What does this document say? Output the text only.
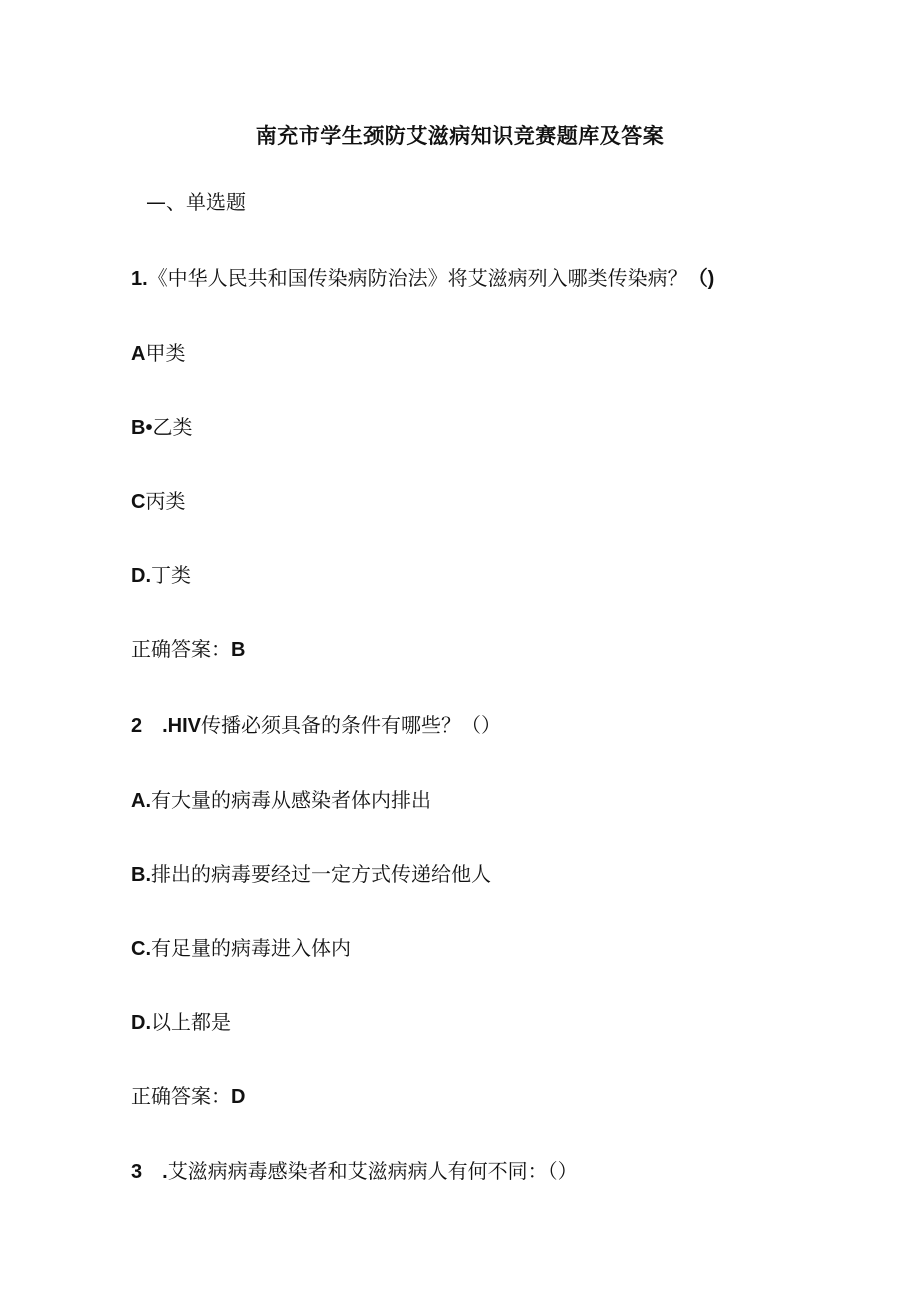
南充市学生颈防艾滋病知识竞赛题库及答案
—、单选题
1.《中华人民共和国传染病防治法》将艾滋病列入哪类传染病？（)
A甲类
B•乙类
C丙类
D.丁类
正确答案：B
2　.HIV传播必须具备的条件有哪些？（）
A.有大量的病毒从感染者体内排出
B.排出的病毒要经过一定方式传递给他人
C.有足量的病毒进入体内
D.以上都是
正确答案：D
3　.艾滋病病毒感染者和艾滋病病人有何不同：（）
